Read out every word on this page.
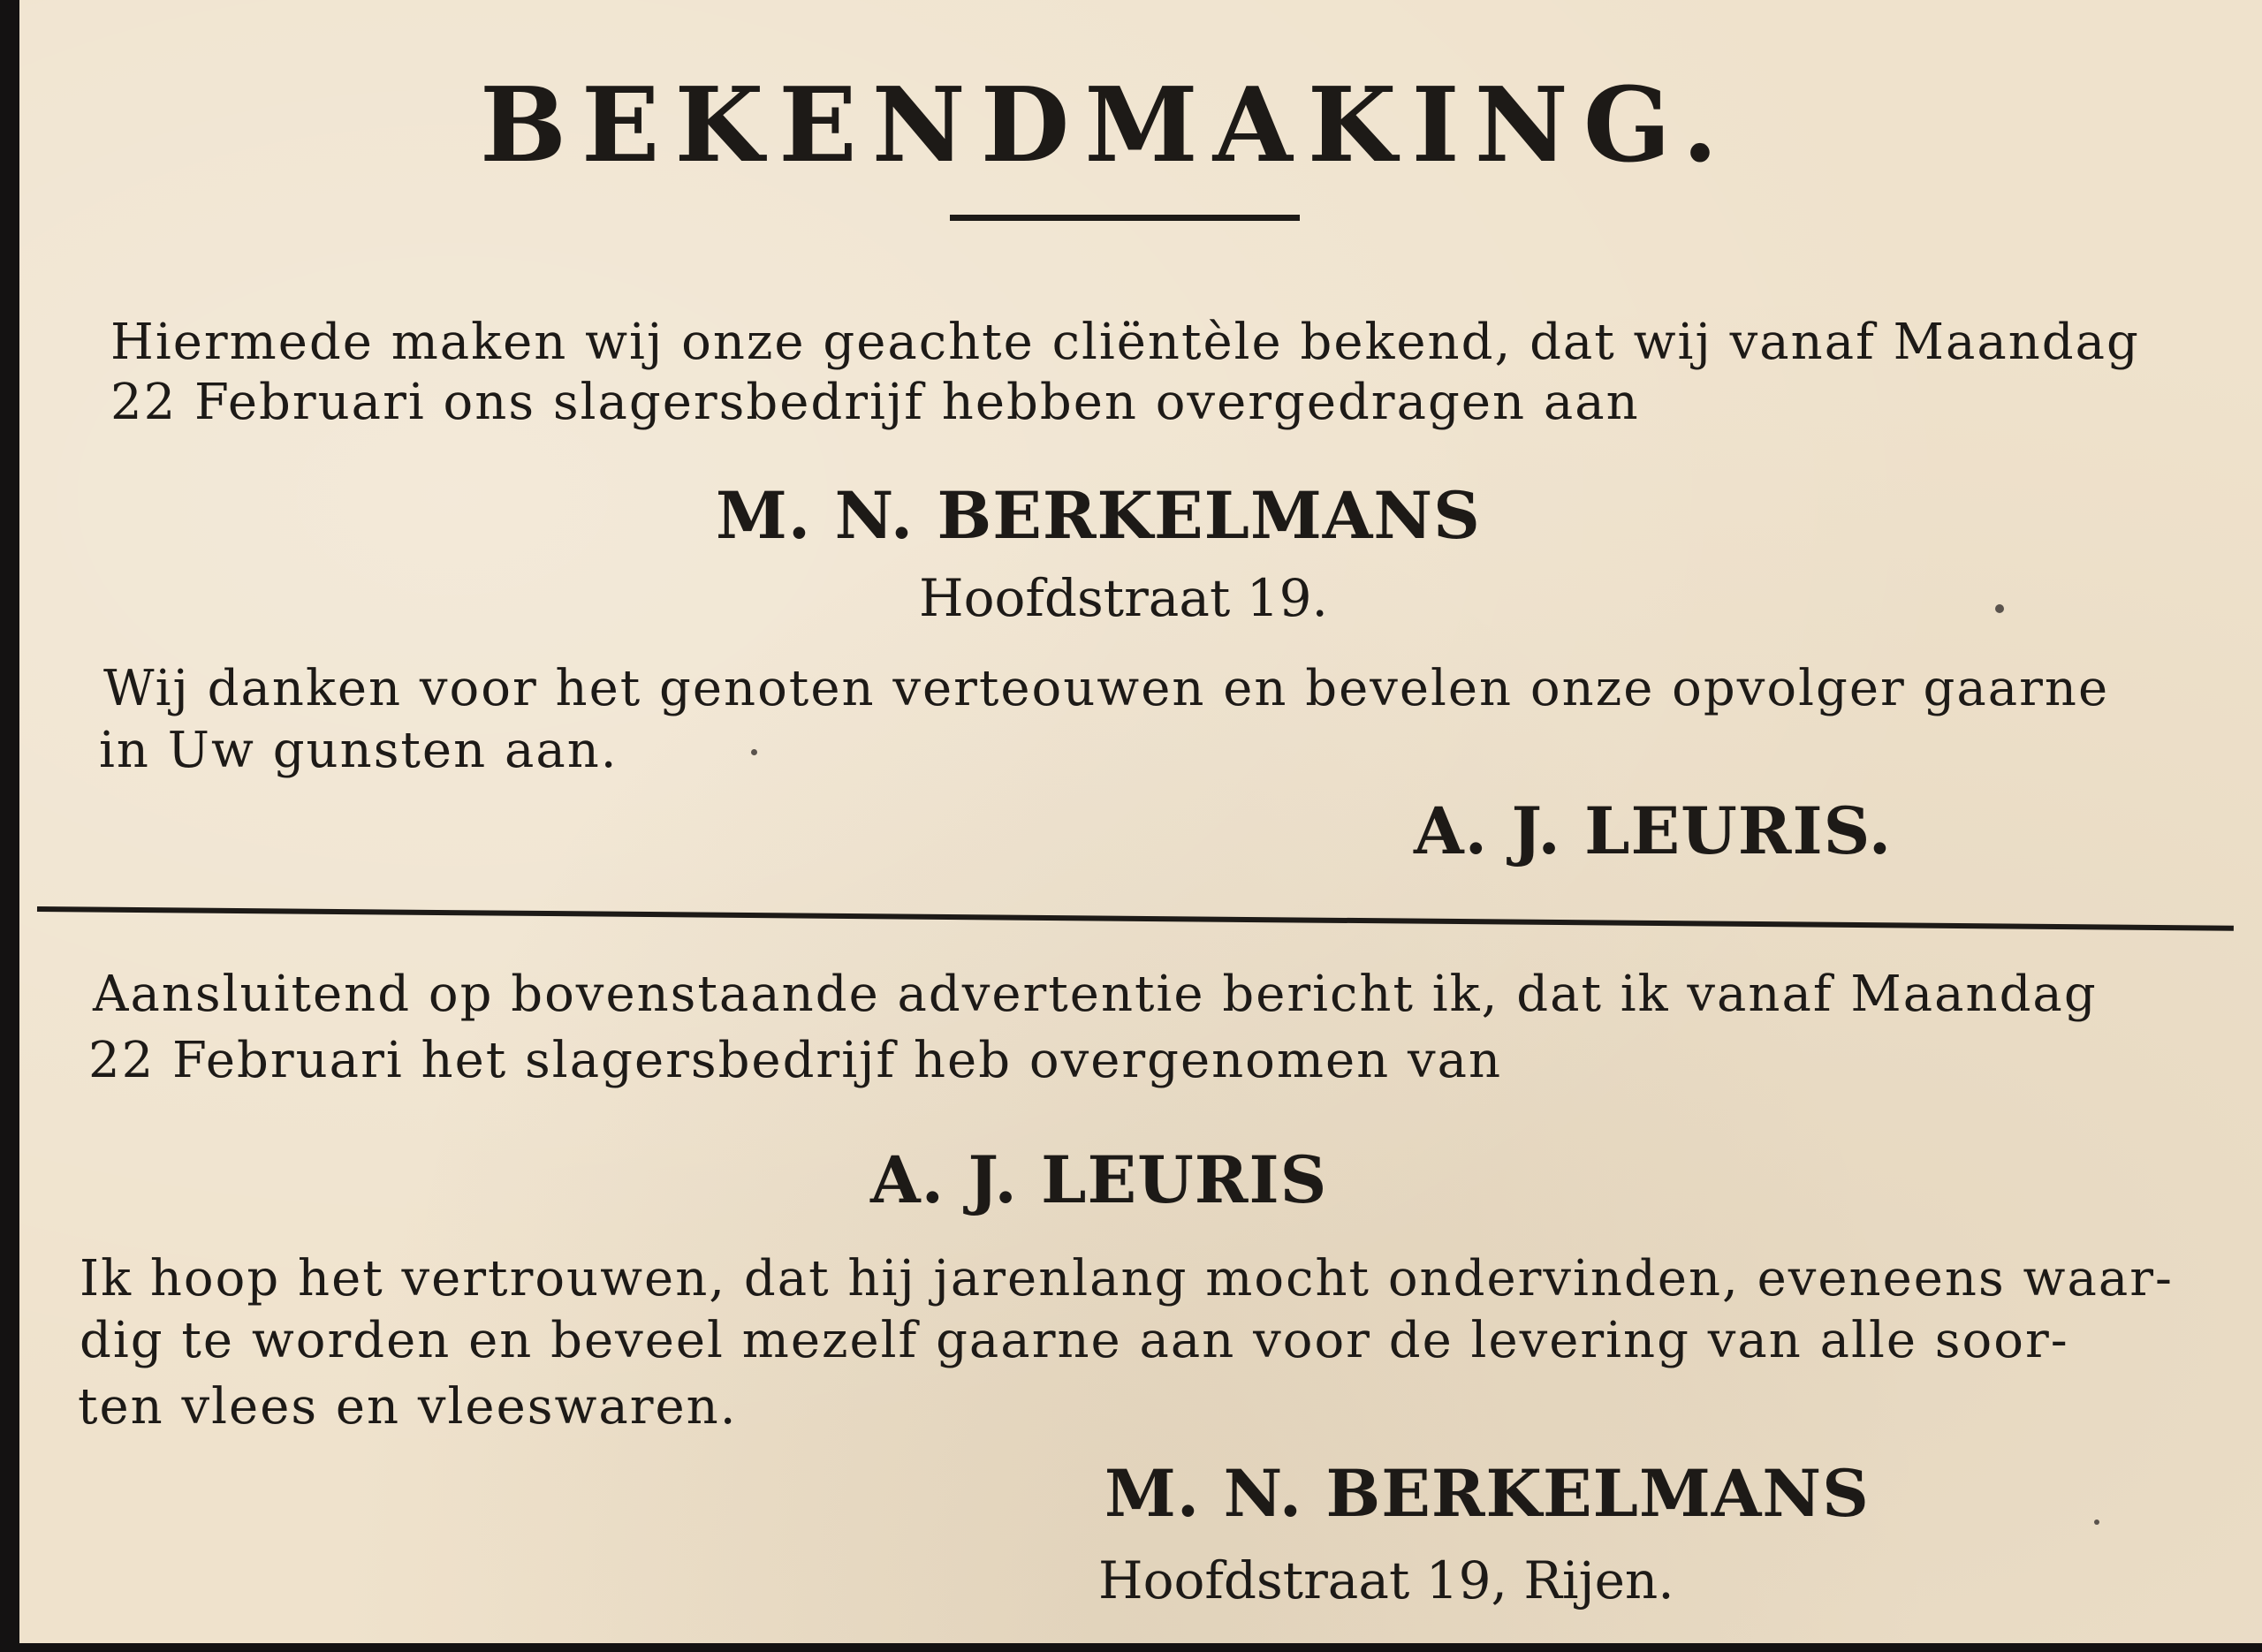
BEKENDMAKING.
Hiermede maken wij onze geachte cliëntèle bekend, dat wij vanaf Maandag
22 Februari ons slagersbedrijf hebben overgedragen aan
M. N. BERKELMANS
Hoofdstraat 19.
Wij danken voor het genoten verteouwen en bevelen onze opvolger gaarne
in Uw gunsten aan.
A. J. LEURIS.
Aansluitend op bovenstaande advertentie bericht ik, dat ik vanaf Maandag
22 Februari het slagersbedrijf heb overgenomen van
A. J. LEURIS
Ik hoop het vertrouwen, dat hij jarenlang mocht ondervinden, eveneens waar-
dig te worden en beveel mezelf gaarne aan voor de levering van alle soor-
ten vlees en vleeswaren.
M. N. BERKELMANS
Hoofdstraat 19, Rijen.
